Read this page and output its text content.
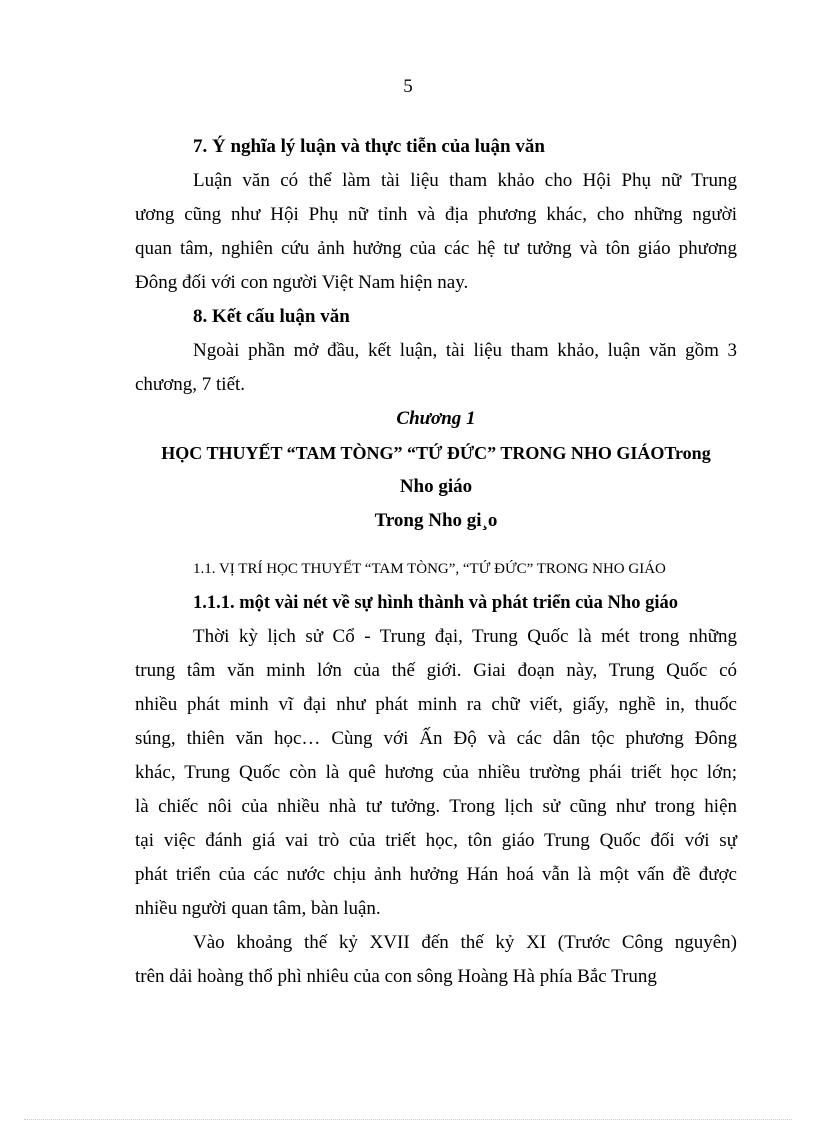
5

7. Ý nghĩa lý luận và thực tiễn của luận văn

Luận văn có thể làm tài liệu tham khảo cho Hội Phụ nữ Trung
ương cũng như Hội Phụ nữ tỉnh và địa phương khác, cho những người
quan tâm, nghiên cứu ảnh hưởng của các hệ tư tưởng và tôn giáo phương
Đông đối với con người Việt Nam hiện nay.

8. Kết cấu luận văn

Ngoài phần mở đầu, kết luận, tài liệu tham khảo, luận văn gồm 3
chương, 7 tiết.

Chương 1

HỌC THUYẾT “TAM TÒNG” “TỨ ĐỨC” TRONG NHO GIÁOTrong

Nho giáo

Trong Nho gi¸o

1.1. VỊ TRÍ HỌC THUYẾT “TAM TÒNG”, “TỨ ĐỨC” TRONG NHO GIÁO

1.1.1. một vài nét về sự hình thành và phát triển của Nho giáo

Thời kỳ lịch sử Cổ - Trung đại, Trung Quốc là mét trong những
trung tâm văn minh lớn của thế giới. Giai đoạn này, Trung Quốc có
nhiều phát minh vĩ đại như phát minh ra chữ viết, giấy, nghề in, thuốc
súng, thiên văn học… Cùng với Ấn Độ và các dân tộc phương Đông
khác, Trung Quốc còn là quê hương của nhiều trường phái triết học lớn;
là chiếc nôi của nhiều nhà tư tưởng. Trong lịch sử cũng như trong hiện
tại việc đánh giá vai trò của triết học, tôn giáo Trung Quốc đối với sự
phát triển của các nước chịu ảnh hưởng Hán hoá vẫn là một vấn đề được
nhiều người quan tâm, bàn luận.

Vào khoảng thế kỷ XVII đến thế kỷ XI (Trước Công nguyên)
trên dải hoàng thổ phì nhiêu của con sông Hoàng Hà phía Bắc Trung
